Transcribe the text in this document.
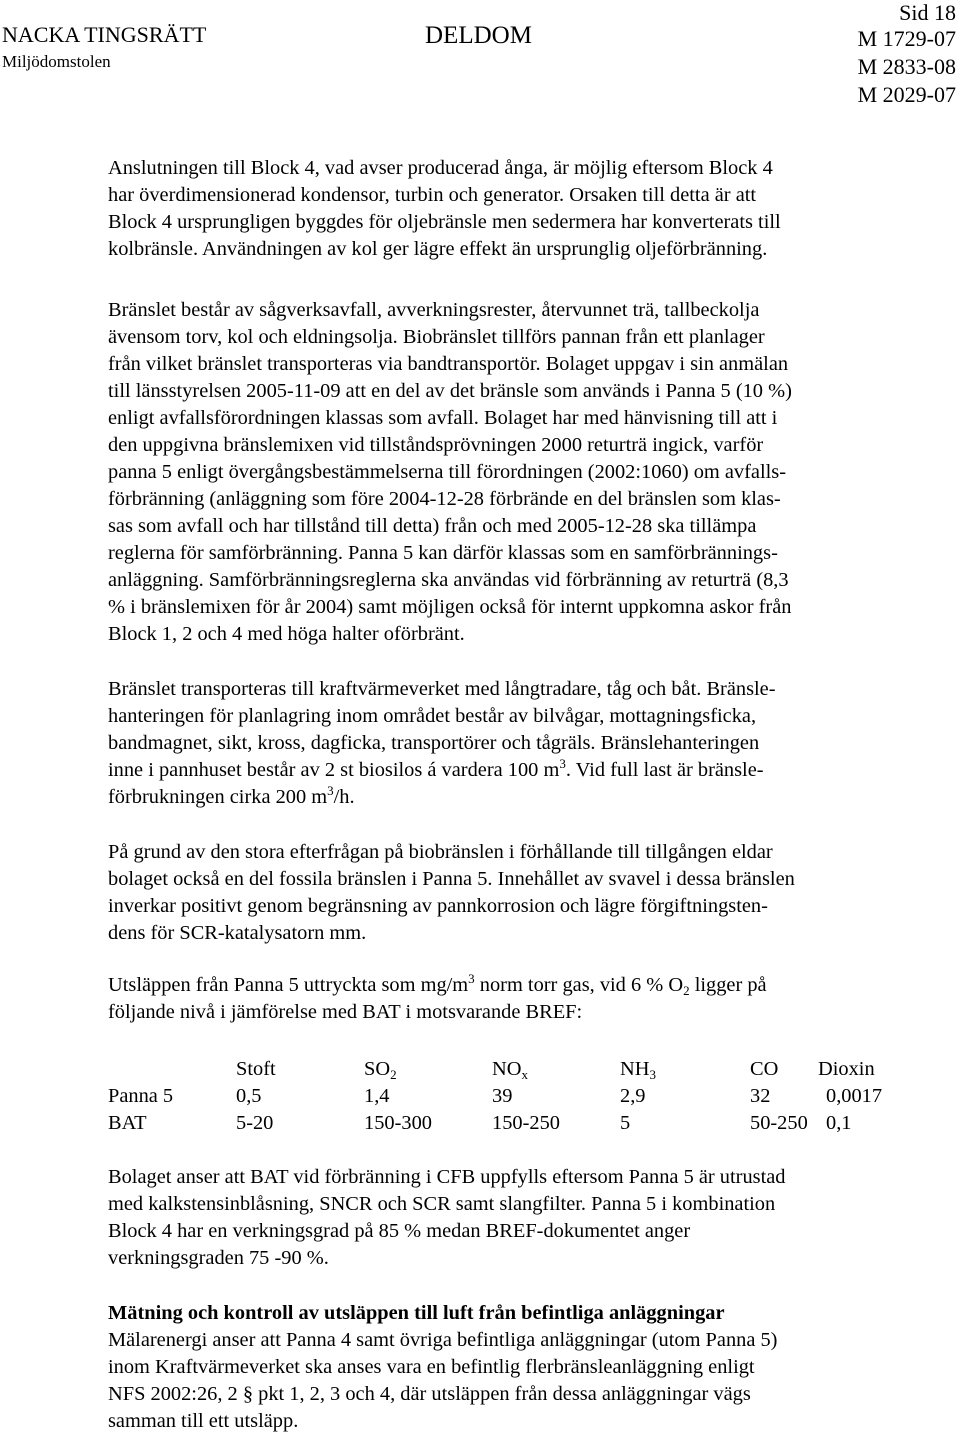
NACKA TINGSRÄTT
Miljödomstolen
DELDOM
Sid 18
M 1729-07
M 2833-08
M 2029-07
Anslutningen till Block 4, vad avser producerad ånga, är möjlig eftersom Block 4
har överdimensionerad kondensor, turbin och generator. Orsaken till detta är att
Block 4 ursprungligen byggdes för oljebränsle men sedermera har konverterats till
kolbränsle. Användningen av kol ger lägre effekt än ursprunglig oljeförbränning.
Bränslet består av sågverksavfall, avverkningsrester, återvunnet trä, tallbeckolja
ävensom torv, kol och eldningsolja. Biobränslet tillförs pannan från ett planlager
från vilket bränslet transporteras via bandtransportör. Bolaget uppgav i sin anmälan
till länsstyrelsen 2005-11-09 att en del av det bränsle som används i Panna 5 (10 %)
enligt avfallsförordningen klassas som avfall. Bolaget har med hänvisning till att i
den uppgivna bränslemixen vid tillståndsprövningen 2000 returträ ingick, varför
panna 5 enligt övergångsbestämmelserna till förordningen (2002:1060) om avfalls-
förbränning (anläggning som före 2004-12-28 förbrände en del bränslen som klas-
sas som avfall och har tillstånd till detta) från och med 2005-12-28 ska tillämpa
reglerna för samförbränning. Panna 5 kan därför klassas som en samförbrännings-
anläggning. Samförbränningsreglerna ska användas vid förbränning av returträ (8,3
% i bränslemixen för år 2004) samt möjligen också för internt uppkomna askor från
Block 1, 2 och 4 med höga halter oförbränt.
Bränslet transporteras till kraftvärmeverket med långtradare, tåg och båt. Bränsle-
hanteringen för planlagring inom området består av bilvågar, mottagningsficka,
bandmagnet, sikt, kross, dagficka, transportörer och tågräls. Bränslehanteringen
inne i pannhuset består av 2 st biosilos á vardera 100 $m^3$. Vid full last är bränsle-
förbrukningen cirka 200 $m^3/h$.
På grund av den stora efterfrågan på biobränslen i förhållande till tillgången eldar
bolaget också en del fossila bränslen i Panna 5. Innehållet av svavel i dessa bränslen
inverkar positivt genom begränsning av pannkorrosion och lägre förgiftningsten-
dens för SCR-katalysatorn mm.
Utsläppen från Panna 5 uttryckta som $mg/m^3$ norm torr gas, vid 6 % $O_2$ ligger på
följande nivå i jämförelse med BAT i motsvarande BREF:
	Stoft	$SO_2$	$NO_x$	$NH_3$	CO	Dioxin
Panna 5	0,5	1,4	39	2,9	32	0,0017
BAT	5-20	150-300	150-250	5	50-250	0,1
Bolaget anser att BAT vid förbränning i CFB uppfylls eftersom Panna 5 är utrustad
med kalkstensinblåsning, SNCR och SCR samt slangfilter. Panna 5 i kombination
Block 4 har en verkningsgrad på 85 % medan BREF-dokumentet anger
verkningsgraden 75 -90 %.
Mätning och kontroll av utsläppen till luft från befintliga anläggningar
Mälarenergi anser att Panna 4 samt övriga befintliga anläggningar (utom Panna 5)
inom Kraftvärmeverket ska anses vara en befintlig flerbränsleanläggning enligt
NFS 2002:26, 2 § pkt 1, 2, 3 och 4, där utsläppen från dessa anläggningar vägs
samman till ett utsläpp.
